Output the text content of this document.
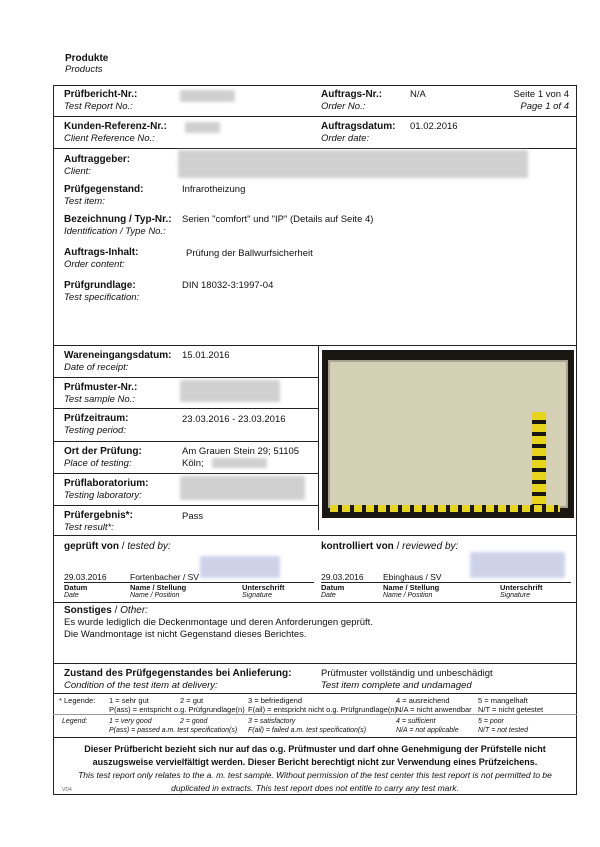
Produkte
Products
Prüfbericht-Nr.:
Test Report No.:
Auftrags-Nr.:
Order No.:
N/A	Seite 1 von 4
Page 1 of 4
Kunden-Referenz-Nr.:
Client Reference No.:
Auftragsdatum:
Order date:
01.02.2016
Auftraggeber:
Client:
Prüfgegenstand:
Test item:
Infrarotheizung
Bezeichnung / Typ-Nr.:
Identification / Type No.:
Serien "comfort" und "IP" (Details auf Seite 4)
Auftrags-Inhalt:
Order content:
Prüfung der Ballwurfsicherheit
Prüfgrundlage:
Test specification:
DIN 18032-3:1997-04
Wareneingangsdatum:
Date of receipt:
15.01.2016
Prüfmuster-Nr.:
Test sample No.:
Prüfzeitraum:
Testing period:
23.03.2016 - 23.03.2016
Ort der Prüfung:
Place of testing:
Am Grauen Stein 29; 51105
Köln;
Prüflaboratorium:
Testing laboratory:
Prüfergebnis*:
Test result*:
Pass
geprüft von / tested by:	kontrolliert von / reviewed by:
29.03.2016	Fortenbacher / SV	29.03.2016 Ebinghaus / SV
Datum	Name / Stellung	Unterschrift
Date	Name / Position	Signature
Datum	Name / Stellung	Unterschrift
Date	Name / Position	Signature
Sonstiges / Other:
Es wurde lediglich die Deckenmontage und deren Anforderungen geprüft.
Die Wandmontage ist nicht Gegenstand dieses Berichtes.
Zustand des Prüfgegenstandes bei Anlieferung:
Condition of the test item at delivery:
Prüfmuster vollständig und unbeschädigt
Test item complete and undamaged
* Legende: 1 = sehr gut	2 = gut	3 = befriedigend	4 = ausreichend	5 = mangelhaft
P(ass) = entspricht o.g. Prüfgrundlage(n) F(ail) = entspricht nicht o.g. Prüfgrundlage(n)
N/A = nicht anwendbar N/T = nicht getestet
Legend:	1 = very good	2 = good	3 = satisfactory	4 = sufficient	5 = poor
P(ass) = passed a.m. test specification(s) F(ail) = failed a.m. test specification(s)	N/A = not applicable	N/T = not tested
Dieser Prüfbericht bezieht sich nur auf das o.g. Prüfmuster und darf ohne Genehmigung der Prüfstelle nicht auszugsweise vervielfältigt werden. Dieser Bericht berechtigt nicht zur Verwendung eines Prüfzeichens.
This test report only relates to the a. m. test sample. Without permission of the test center this test report is not permitted to be duplicated in extracts. This test report does not entitle to carry any test mark.
VD4
